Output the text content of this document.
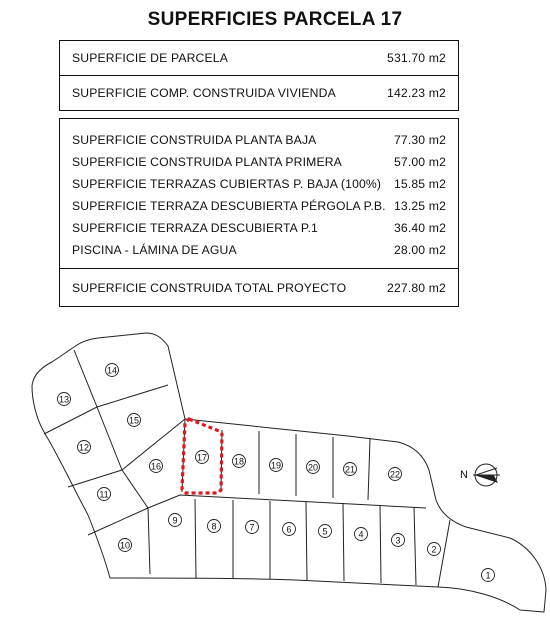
SUPERFICIES PARCELA 17
SUPERFICIE DE PARCELA	531.70 m2
SUPERFICIE COMP. CONSTRUIDA VIVIENDA	142.23 m2
SUPERFICIE CONSTRUIDA PLANTA BAJA	77.30 m2
SUPERFICIE CONSTRUIDA PLANTA PRIMERA	57.00 m2
SUPERFICIE TERRAZAS CUBIERTAS P. BAJA (100%) 15.85 m2
SUPERFICIE TERRAZA DESCUBIERTA PÉRGOLA P.B. 13.25 m2
SUPERFICIE TERRAZA DESCUBIERTA P.1	36.40 m2
PISCINA - LÁMINA DE AGUA	28.00 m2
SUPERFICIE CONSTRUIDA TOTAL PROYECTO	227.80 m2
1
2
3
4
5
6
7
8
9
10
11
12
13
14
15
16
17	18	19	20	21	22	N
